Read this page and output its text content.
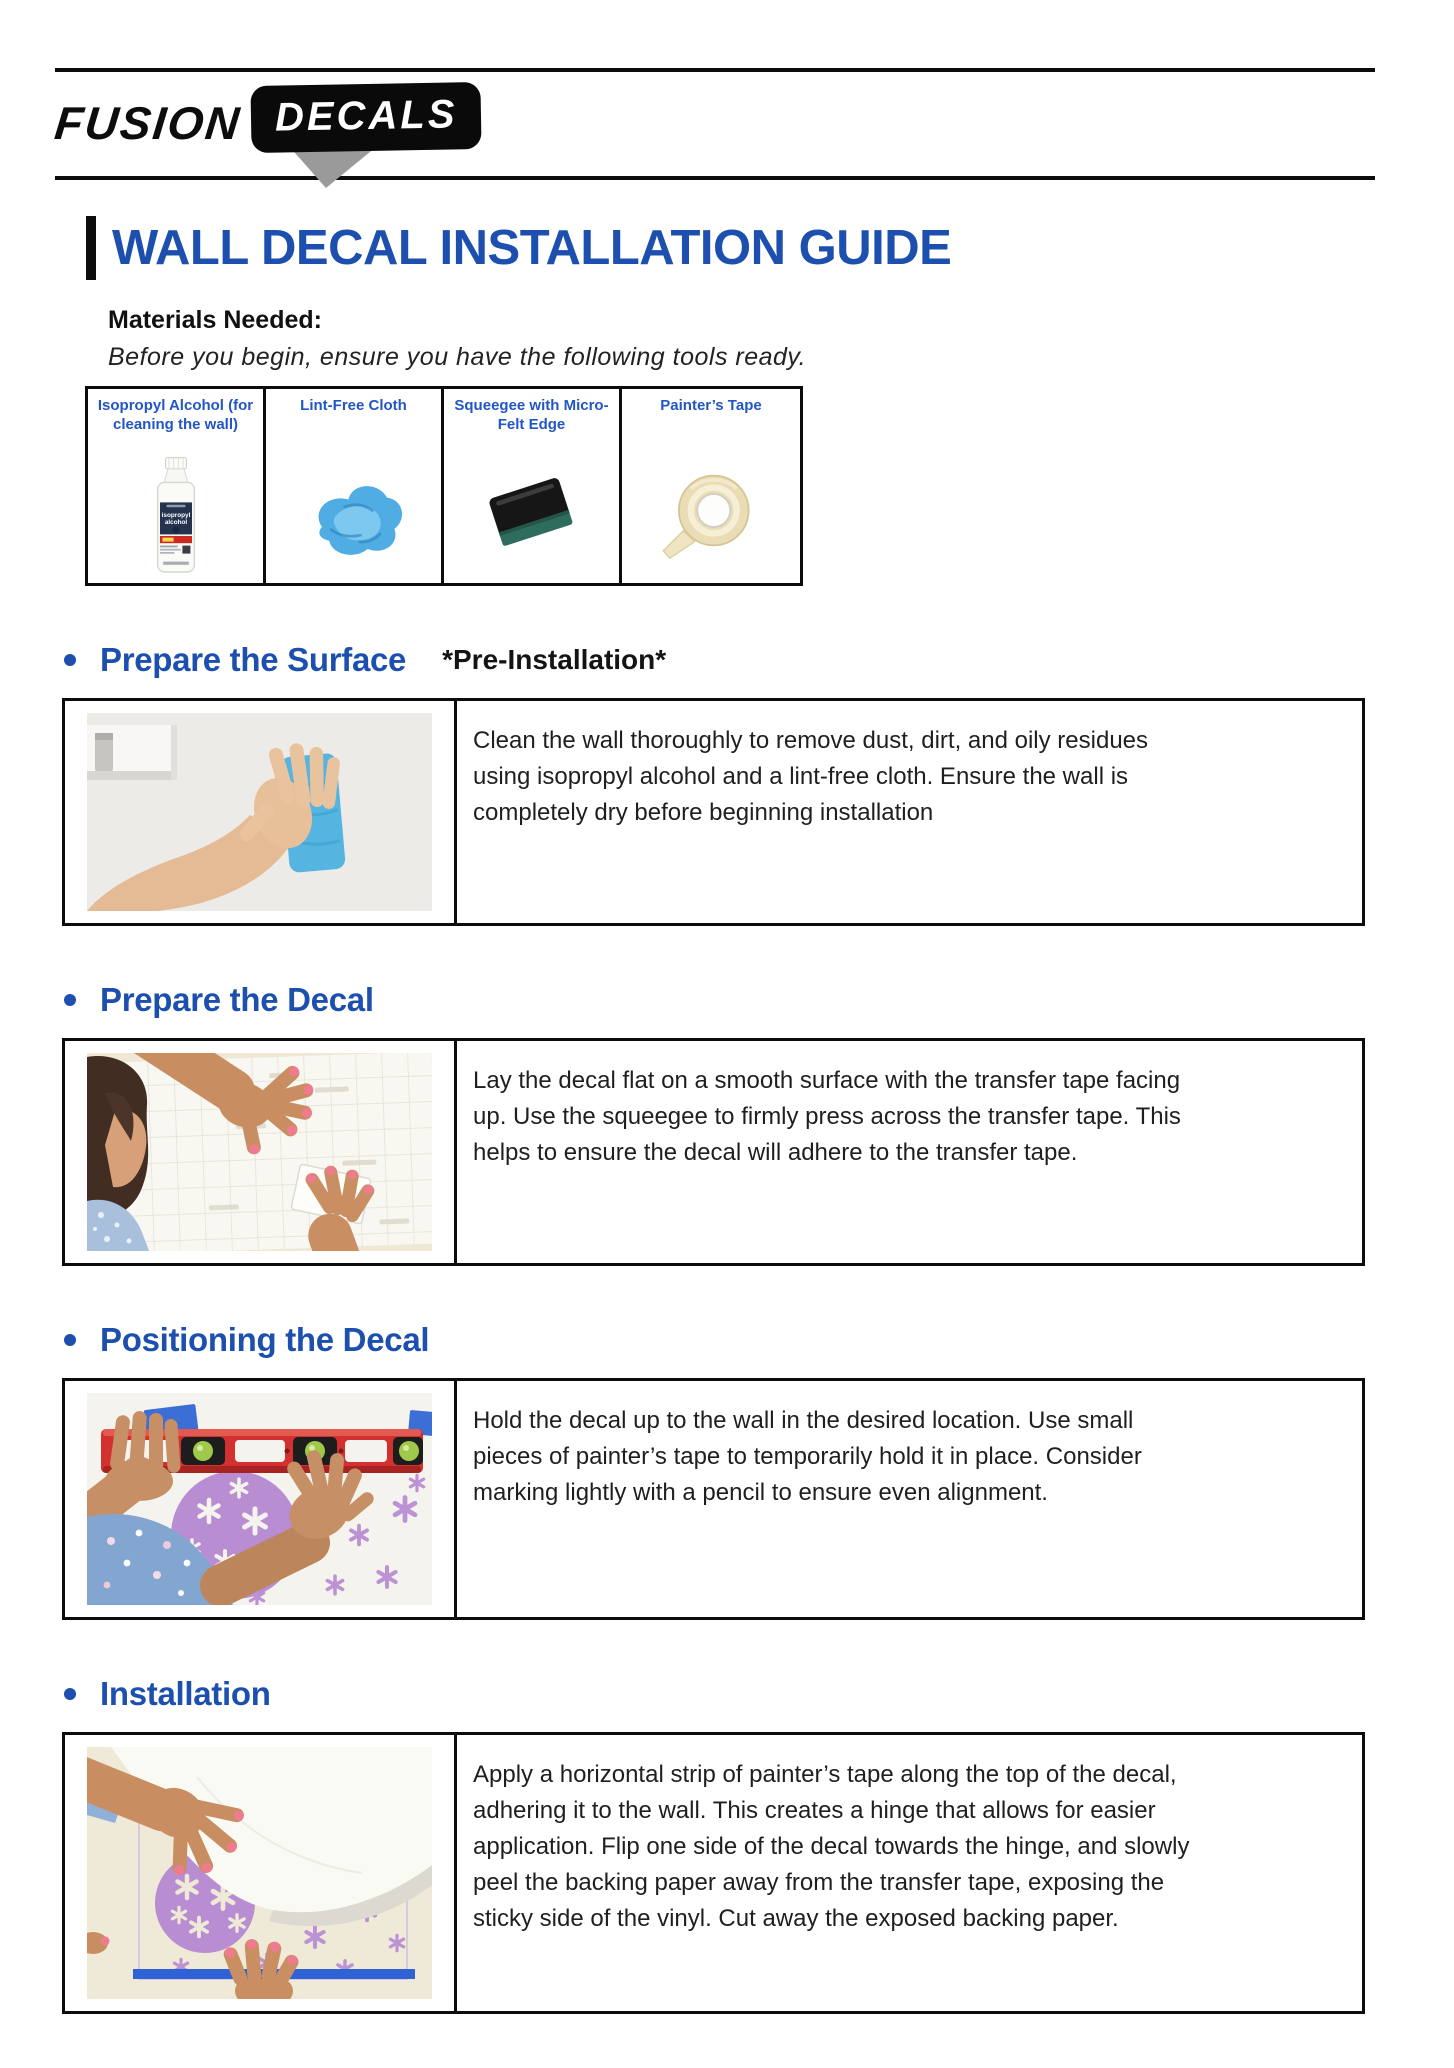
FUSION DECALS
WALL DECAL INSTALLATION GUIDE
Materials Needed:
Before you begin, ensure you have the following tools ready.
Isopropyl Alcohol (for cleaning the wall)
isopropyl
alcohol
Lint-Free Cloth	Squeegee with Micro-Felt Edge
Painter’s Tape
Prepare the Surface *Pre-Installation*
Clean the wall thoroughly to remove dust, dirt, and oily residues using isopropyl alcohol and a lint-free cloth. Ensure the wall is completely dry before beginning installation
Prepare the Decal
Lay the decal flat on a smooth surface with the transfer tape facing up. Use the squeegee to firmly press across the transfer tape. This helps to ensure the decal will adhere to the transfer tape.
Positioning the Decal
Hold the decal up to the wall in the desired location. Use small pieces of painter’s tape to temporarily hold it in place. Consider marking lightly with a pencil to ensure even alignment.
Installation
Apply a horizontal strip of painter’s tape along the top of the decal, adhering it to the wall. This creates a hinge that allows for easier application. Flip one side of the decal towards the hinge, and slowly peel the backing paper away from the transfer tape, exposing the sticky side of the vinyl. Cut away the exposed backing paper.
